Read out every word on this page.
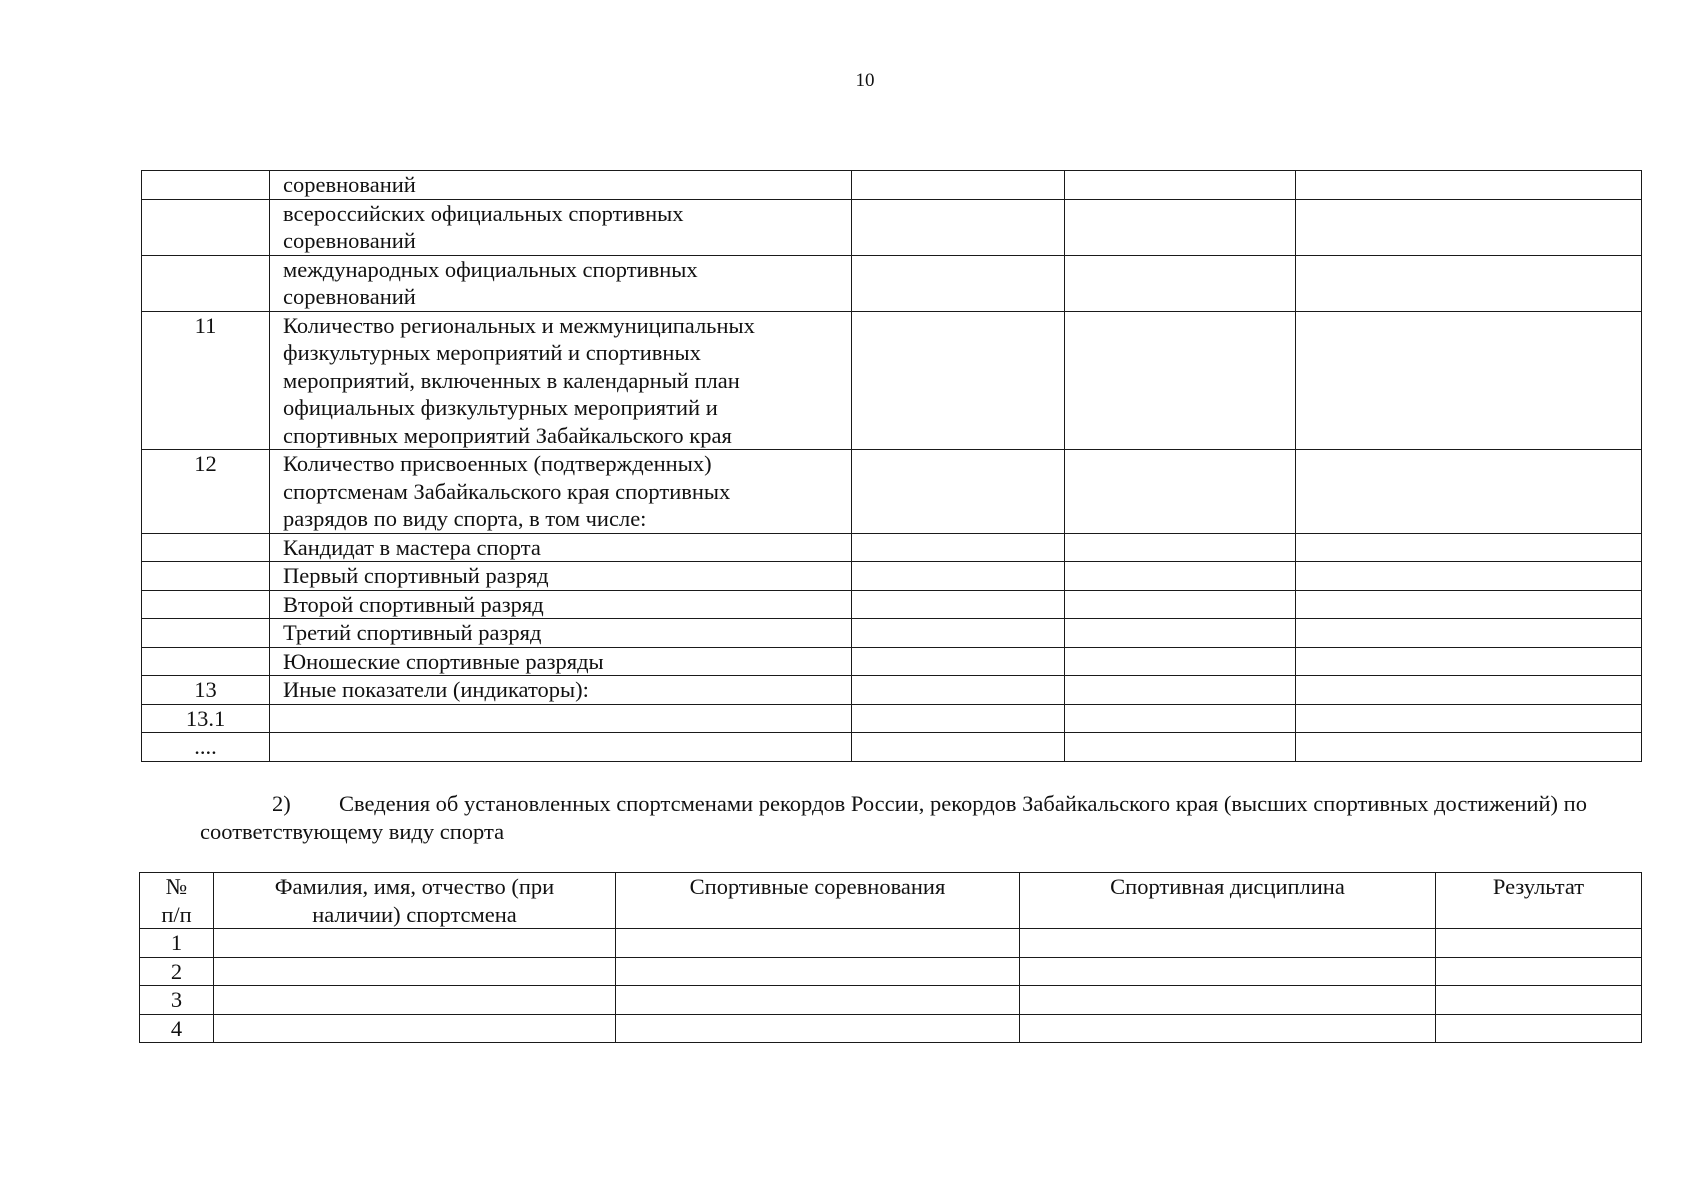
10
	соревнований			
	всероссийских официальных спортивных
соревнований			
	международных официальных спортивных
соревнований			
11	Количество региональных и межмуниципальных
физкультурных мероприятий и спортивных
мероприятий, включенных в календарный план
официальных физкультурных мероприятий и
спортивных мероприятий Забайкальского края			
12	Количество присвоенных (подтвержденных)
спортсменам Забайкальского края спортивных
разрядов по виду спорта, в том числе:			
	Кандидат в мастера спорта			
	Первый спортивный разряд			
	Второй спортивный разряд			
	Третий спортивный разряд			
	Юношеские спортивные разряды			
13	Иные показатели (индикаторы):			
13.1				
....				
2) Сведения об установленных спортсменами рекордов России, рекордов Забайкальского края (высших спортивных достижений) по соответствующему виду спорта
№
п/п	Фамилия, имя, отчество (при
наличии) спортсмена	Спортивные соревнования	Спортивная дисциплина	Результат
1				
2				
3				
4				
